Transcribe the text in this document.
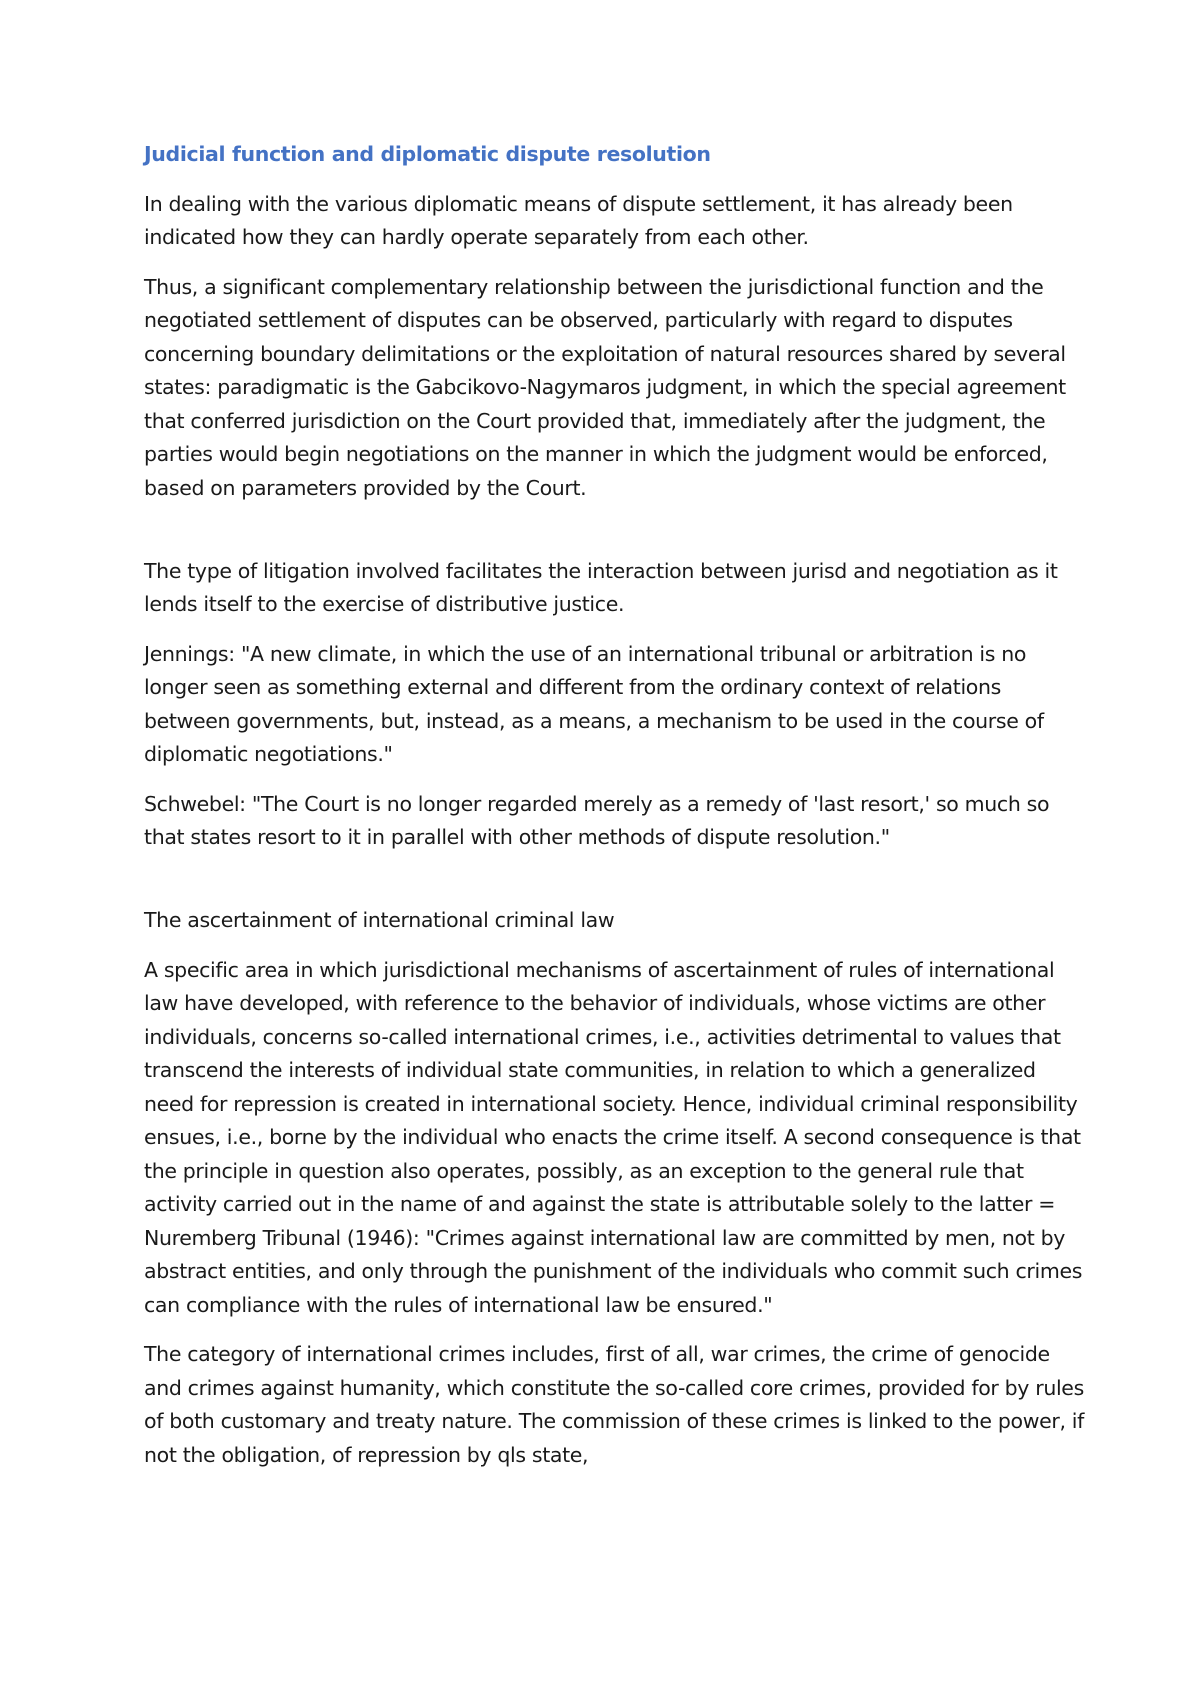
Judicial function and diplomatic dispute resolution

In dealing with the various diplomatic means of dispute settlement, it has already been indicated how they can hardly operate separately from each other.

Thus, a significant complementary relationship between the jurisdictional function and the negotiated settlement of disputes can be observed, particularly with regard to disputes concerning boundary delimitations or the exploitation of natural resources shared by several states: paradigmatic is the Gabcikovo-Nagymaros judgment, in which the special agreement that conferred jurisdiction on the Court provided that, immediately after the judgment, the parties would begin negotiations on the manner in which the judgment would be enforced, based on parameters provided by the Court.

The type of litigation involved facilitates the interaction between jurisd and negotiation as it lends itself to the exercise of distributive justice.

Jennings: "A new climate, in which the use of an international tribunal or arbitration is no longer seen as something external and different from the ordinary context of relations between governments, but, instead, as a means, a mechanism to be used in the course of diplomatic negotiations."

Schwebel: "The Court is no longer regarded merely as a remedy of 'last resort,' so much so that states resort to it in parallel with other methods of dispute resolution."

The ascertainment of international criminal law

A specific area in which jurisdictional mechanisms of ascertainment of rules of international law have developed, with reference to the behavior of individuals, whose victims are other individuals, concerns so-called international crimes, i.e., activities detrimental to values that transcend the interests of individual state communities, in relation to which a generalized need for repression is created in international society. Hence, individual criminal responsibility ensues, i.e., borne by the individual who enacts the crime itself. A second consequence is that the principle in question also operates, possibly, as an exception to the general rule that activity carried out in the name of and against the state is attributable solely to the latter = Nuremberg Tribunal (1946): "Crimes against international law are committed by men, not by abstract entities, and only through the punishment of the individuals who commit such crimes can compliance with the rules of international law be ensured."

The category of international crimes includes, first of all, war crimes, the crime of genocide and crimes against humanity, which constitute the so-called core crimes, provided for by rules of both customary and treaty nature. The commission of these crimes is linked to the power, if not the obligation, of repression by qls state,
